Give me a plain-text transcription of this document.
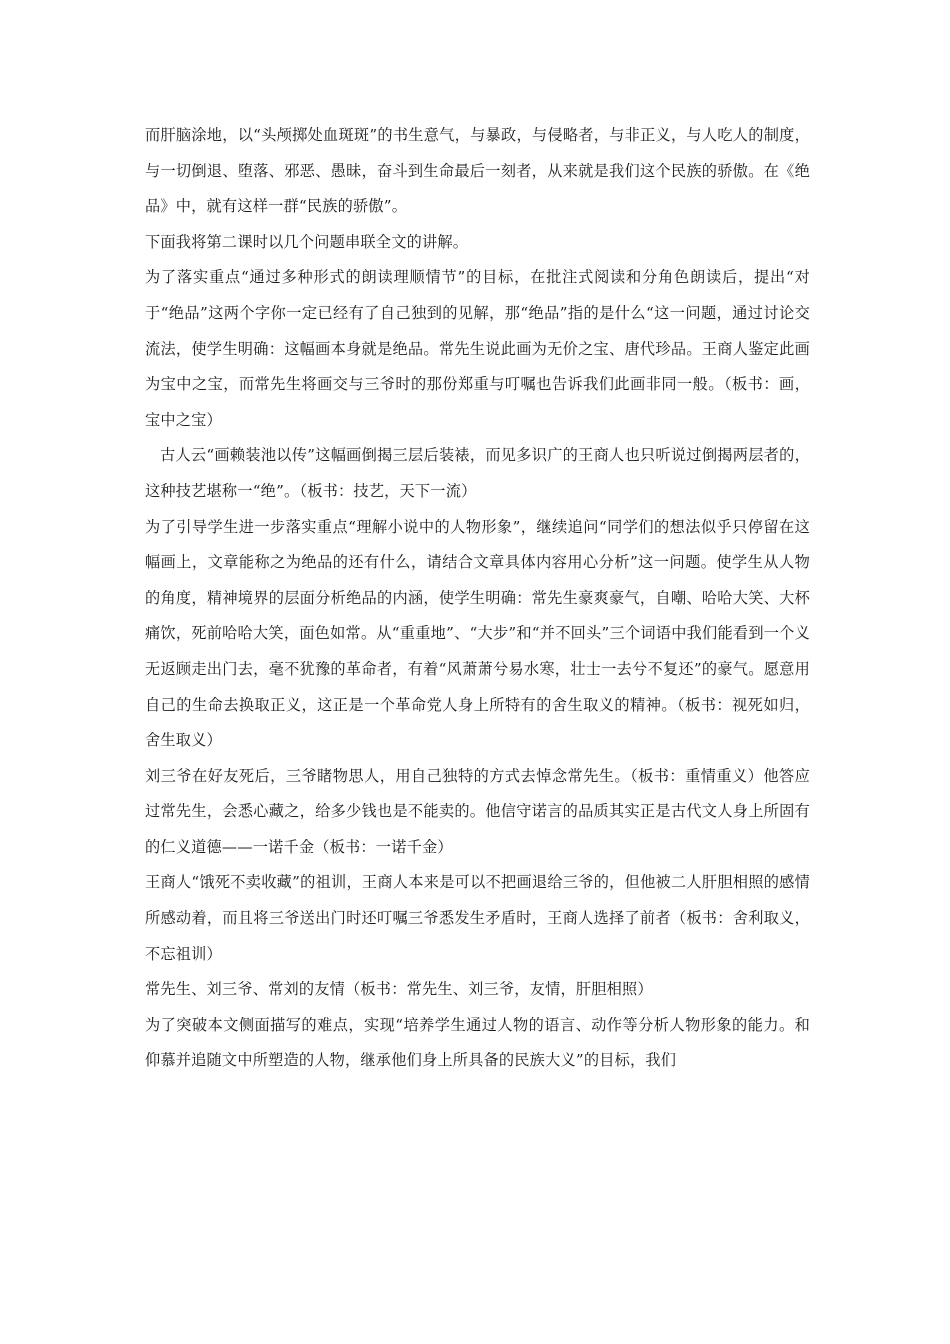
而肝脑涂地，以“头颅掷处血斑斑”的书生意气，与暴政，与侵略者，与非正义，与人吃人的制度，与一切倒退、堕落、邪恶、愚昧，奋斗到生命最后一刻者，从来就是我们这个民族的骄傲。在《绝品》中，就有这样一群“民族的骄傲”。

下面我将第二课时以几个问题串联全文的讲解。

为了落实重点“通过多种形式的朗读理顺情节”的目标，在批注式阅读和分角色朗读后，提出“对于“绝品”这两个字你一定已经有了自己独到的见解，那“绝品”指的是什么“这一问题，通过讨论交流法，使学生明确：这幅画本身就是绝品。常先生说此画为无价之宝、唐代珍品。王商人鉴定此画为宝中之宝，而常先生将画交与三爷时的那份郑重与叮嘱也告诉我们此画非同一般。（板书：画，宝中之宝）

古人云“画赖装池以传”这幅画倒揭三层后装裱，而见多识广的王商人也只听说过倒揭两层者的，这种技艺堪称一“绝”。（板书：技艺，天下一流）

为了引导学生进一步落实重点“理解小说中的人物形象”，继续追问“同学们的想法似乎只停留在这幅画上，文章能称之为绝品的还有什么，请结合文章具体内容用心分析”这一问题。使学生从人物的角度，精神境界的层面分析绝品的内涵，使学生明确：常先生豪爽豪气，自嘲、哈哈大笑、大杯痛饮，死前哈哈大笑，面色如常。从“重重地”、“大步”和“并不回头”三个词语中我们能看到一个义无返顾走出门去，毫不犹豫的革命者，有着“风萧萧兮易水寒，壮士一去兮不复还”的豪气。愿意用自己的生命去换取正义，这正是一个革命党人身上所特有的舍生取义的精神。（板书：视死如归，舍生取义）

刘三爷在好友死后，三爷睹物思人，用自己独特的方式去悼念常先生。（板书：重情重义）他答应过常先生，会悉心藏之，给多少钱也是不能卖的。他信守诺言的品质其实正是古代文人身上所固有的仁义道德——一诺千金（板书：一诺千金）

王商人“饿死不卖收藏”的祖训，王商人本来是可以不把画退给三爷的，但他被二人肝胆相照的感情所感动着，而且将三爷送出门时还叮嘱三爷悉发生矛盾时，王商人选择了前者（板书：舍利取义，不忘祖训）

常先生、刘三爷、常刘的友情（板书：常先生、刘三爷，友情，肝胆相照）

为了突破本文侧面描写的难点，实现“培养学生通过人物的语言、动作等分析人物形象的能力。和仰慕并追随文中所塑造的人物，继承他们身上所具备的民族大义”的目标，我们
